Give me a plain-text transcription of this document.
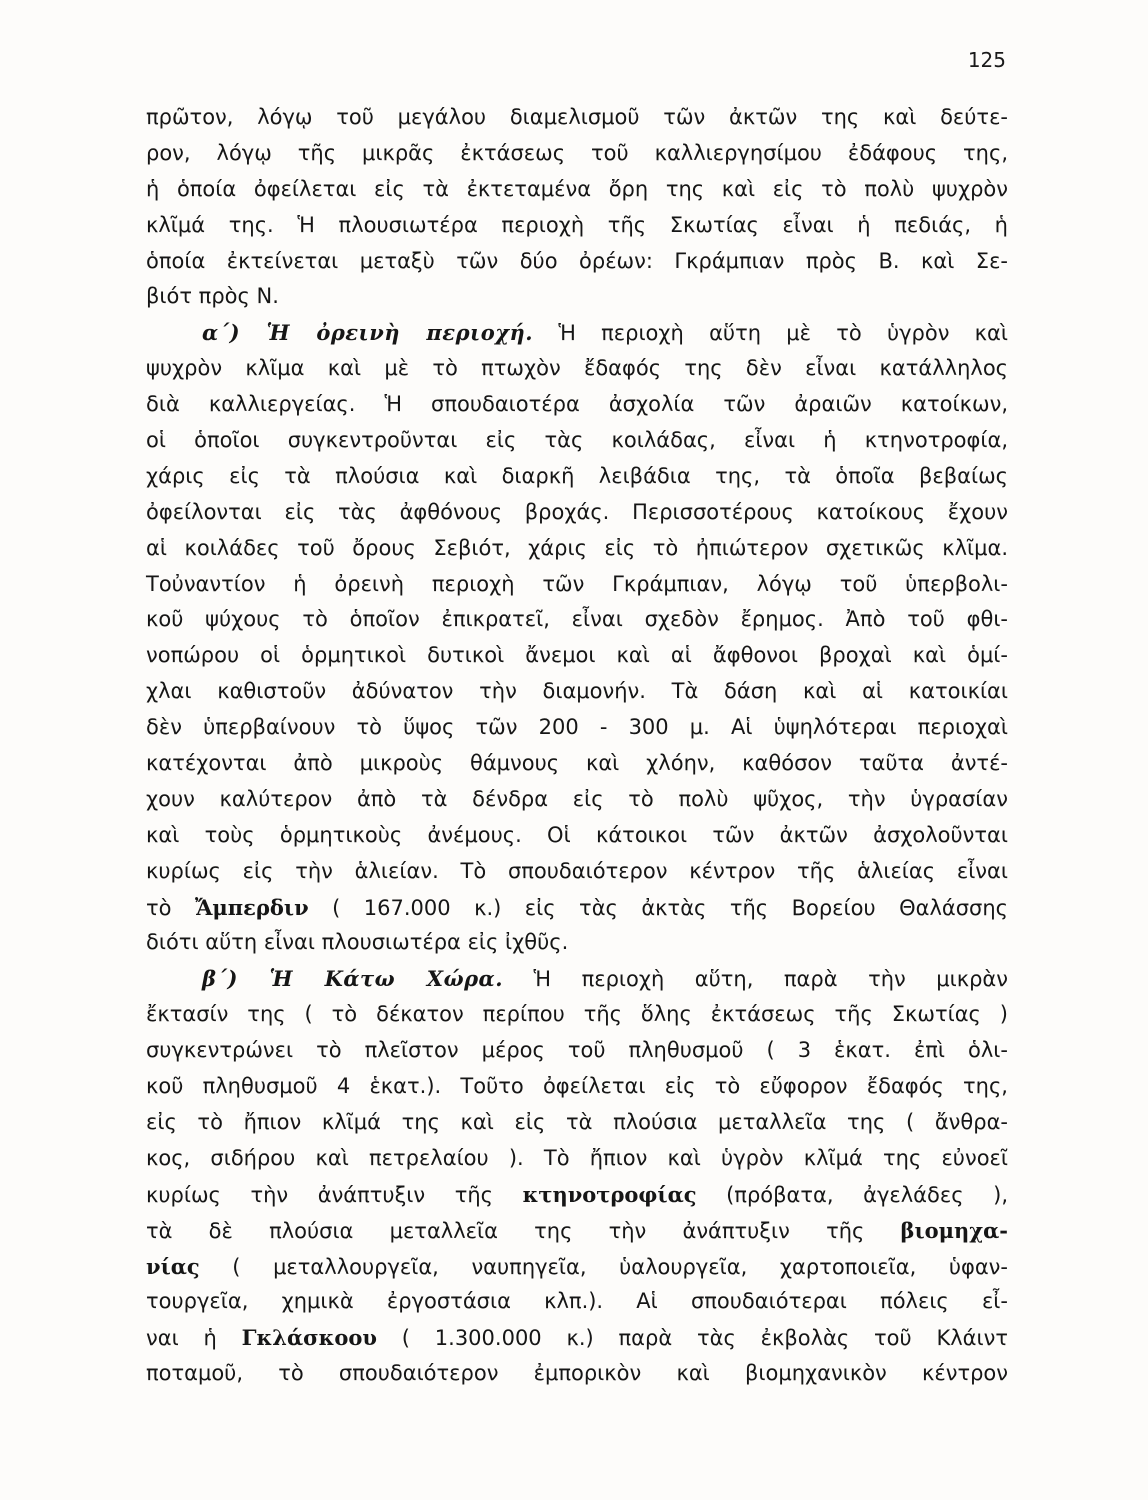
125
πρῶτον, λόγῳ τοῦ μεγάλου διαμελισμοῦ τῶν ἀκτῶν της καὶ δεύτε-
ρον, λόγῳ τῆς μικρᾶς ἐκτάσεως τοῦ καλλιεργησίμου ἐδάφους της,
ἡ ὁποία ὀφείλεται εἰς τὰ ἐκτεταμένα ὄρη της καὶ εἰς τὸ πολὺ ψυχρὸν
κλῖμά της. Ἡ πλουσιωτέρα περιοχὴ τῆς Σκωτίας εἶναι ἡ πεδιάς, ἡ
ὁποία ἐκτείνεται μεταξὺ τῶν δύο ὀρέων: Γκράμπιαν πρὸς Β. καὶ Σε-
βιότ πρὸς Ν.
α΄) Ἡ ὀρεινὴ περιοχή. Ἡ περιοχὴ αὕτη μὲ τὸ ὑγρὸν καὶ
ψυχρὸν κλῖμα καὶ μὲ τὸ πτωχὸν ἔδαφός της δὲν εἶναι κατάλληλος
διὰ καλλιεργείας. Ἡ σπουδαιοτέρα ἀσχολία τῶν ἀραιῶν κατοίκων,
οἱ ὁποῖοι συγκεντροῦνται εἰς τὰς κοιλάδας, εἶναι ἡ κτηνοτροφία,
χάρις εἰς τὰ πλούσια καὶ διαρκῆ λειβάδια της, τὰ ὁποῖα βεβαίως
ὀφείλονται εἰς τὰς ἀφθόνους βροχάς. Περισσοτέρους κατοίκους ἔχουν
αἱ κοιλάδες τοῦ ὄρους Σεβιότ, χάρις εἰς τὸ ἠπιώτερον σχετικῶς κλῖμα.
Τοὐναντίον ἡ ὀρεινὴ περιοχὴ τῶν Γκράμπιαν, λόγῳ τοῦ ὑπερβολι-
κοῦ ψύχους τὸ ὁποῖον ἐπικρατεῖ, εἶναι σχεδὸν ἔρημος. Ἀπὸ τοῦ φθι-
νοπώρου οἱ ὁρμητικοὶ δυτικοὶ ἄνεμοι καὶ αἱ ἄφθονοι βροχαὶ καὶ ὁμί-
χλαι καθιστοῦν ἀδύνατον τὴν διαμονήν. Τὰ δάση καὶ αἱ κατοικίαι
δὲν ὑπερβαίνουν τὸ ὕψος τῶν 200 - 300 μ. Αἱ ὑψηλότεραι περιοχαὶ
κατέχονται ἀπὸ μικροὺς θάμνους καὶ χλόην, καθόσον ταῦτα ἀντέ-
χουν καλύτερον ἀπὸ τὰ δένδρα εἰς τὸ πολὺ ψῦχος, τὴν ὑγρασίαν
καὶ τοὺς ὁρμητικοὺς ἀνέμους. Οἱ κάτοικοι τῶν ἀκτῶν ἀσχολοῦνται
κυρίως εἰς τὴν ἁλιείαν. Τὸ σπουδαιότερον κέντρον τῆς ἁλιείας εἶναι
τὸ Ἄμπερδιν ( 167.000 κ.) εἰς τὰς ἀκτὰς τῆς Βορείου Θαλάσσης
διότι αὕτη εἶναι πλουσιωτέρα εἰς ἰχθῦς.
β΄) Ἡ Κάτω Χώρα. Ἡ περιοχὴ αὕτη, παρὰ τὴν μικρὰν
ἔκτασίν της ( τὸ δέκατον περίπου τῆς ὅλης ἐκτάσεως τῆς Σκωτίας )
συγκεντρώνει τὸ πλεῖστον μέρος τοῦ πληθυσμοῦ ( 3 ἑκατ. ἐπὶ ὁλι-
κοῦ πληθυσμοῦ 4 ἑκατ.). Τοῦτο ὀφείλεται εἰς τὸ εὔφορον ἔδαφός της,
εἰς τὸ ἤπιον κλῖμά της καὶ εἰς τὰ πλούσια μεταλλεῖα της ( ἄνθρα-
κος, σιδήρου καὶ πετρελαίου ). Τὸ ἤπιον καὶ ὑγρὸν κλῖμά της εὐνοεῖ
κυρίως τὴν ἀνάπτυξιν τῆς κτηνοτροφίας (πρόβατα, ἀγελάδες ),
τὰ δὲ πλούσια μεταλλεῖα της τὴν ἀνάπτυξιν τῆς βιομηχα-
νίας ( μεταλλουργεῖα, ναυπηγεῖα, ὑαλουργεῖα, χαρτοποιεῖα, ὑφαν-
τουργεῖα, χημικὰ ἐργοστάσια κλπ.). Αἱ σπουδαιότεραι πόλεις εἶ-
ναι ἡ Γκλάσκοου ( 1.300.000 κ.) παρὰ τὰς ἐκβολὰς τοῦ Κλάιντ
ποταμοῦ, τὸ σπουδαιότερον ἐμπορικὸν καὶ βιομηχανικὸν κέντρον
